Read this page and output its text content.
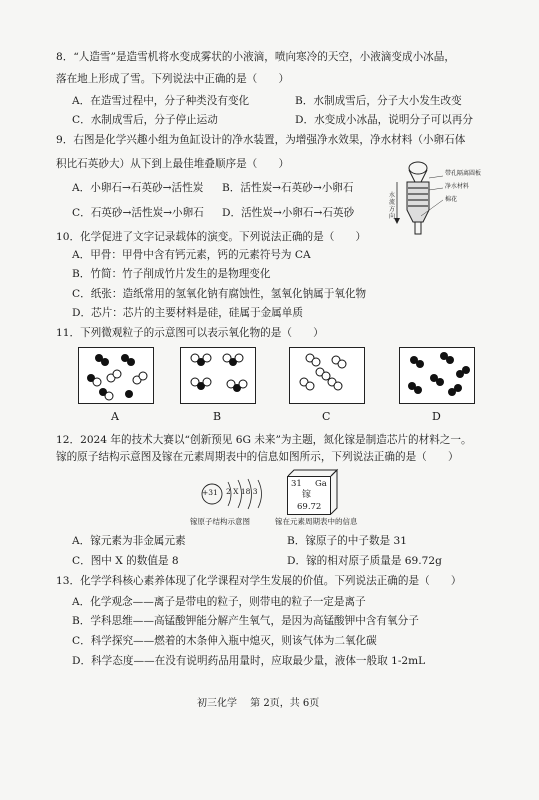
8．“人造雪”是造雪机将水变成雾状的小液滴，喷向寒冷的天空，小液滴变成小冰晶，
落在地上形成了雪。下列说法中正确的是（　　）
A．在造雪过程中，分子种类没有变化	B．水制成雪后，分子大小发生改变
C．水制成雪后，分子停止运动	D．水变成小冰晶，说明分子可以再分
9．右图是化学兴趣小组为鱼缸设计的净水装置，为增强净水效果，净水材料（小卵石体
积比石英砂大）从下到上最佳堆叠顺序是（　　）
A．小卵石→石英砂→活性炭 B．活性炭→石英砂→小卵石
C．石英砂→活性炭→小卵石 D．活性炭→小卵石→石英砂
带孔隔离圆板
净水材料
水流方向
棉花
10．化学促进了文字记录载体的演变。下列说法正确的是（　　）
A．甲骨：甲骨中含有钙元素，钙的元素符号为 CA
B．竹简：竹子削成竹片发生的是物理变化
C．纸张：造纸常用的氢氧化钠有腐蚀性，氢氧化钠属于氧化物
D．芯片：芯片的主要材料是硅，硅属于金属单质
11．下列微观粒子的示意图可以表示氧化物的是（　　）
A	B	C	D
12．2024 年的技术大赛以“创新预见 6G 未来”为主题，氮化镓是制造芯片的材料之一。
镓的原子结构示意图及镓在元素周期表中的信息如图所示，下列说法正确的是（　　）
+31 2 X 18 3
31 Ga
镓
69.72
镓原子结构示意图	镓在元素周期表中的信息
A．镓元素为非金属元素	B．镓原子的中子数是 31
C．图中 X 的数值是 8	D．镓的相对原子质量是 69.72g
13．化学学科核心素养体现了化学课程对学生发展的价值。下列说法正确的是（　　）
A．化学观念——离子是带电的粒子，则带电的粒子一定是离子
B．学科思维——高锰酸钾能分解产生氧气，是因为高锰酸钾中含有氧分子
C．科学探究——燃着的木条伸入瓶中熄灭，则该气体为二氧化碳
D．科学态度——在没有说明药品用量时，应取最少量，液体一般取 1-2mL
初三化学　 第 2页，共 6页
